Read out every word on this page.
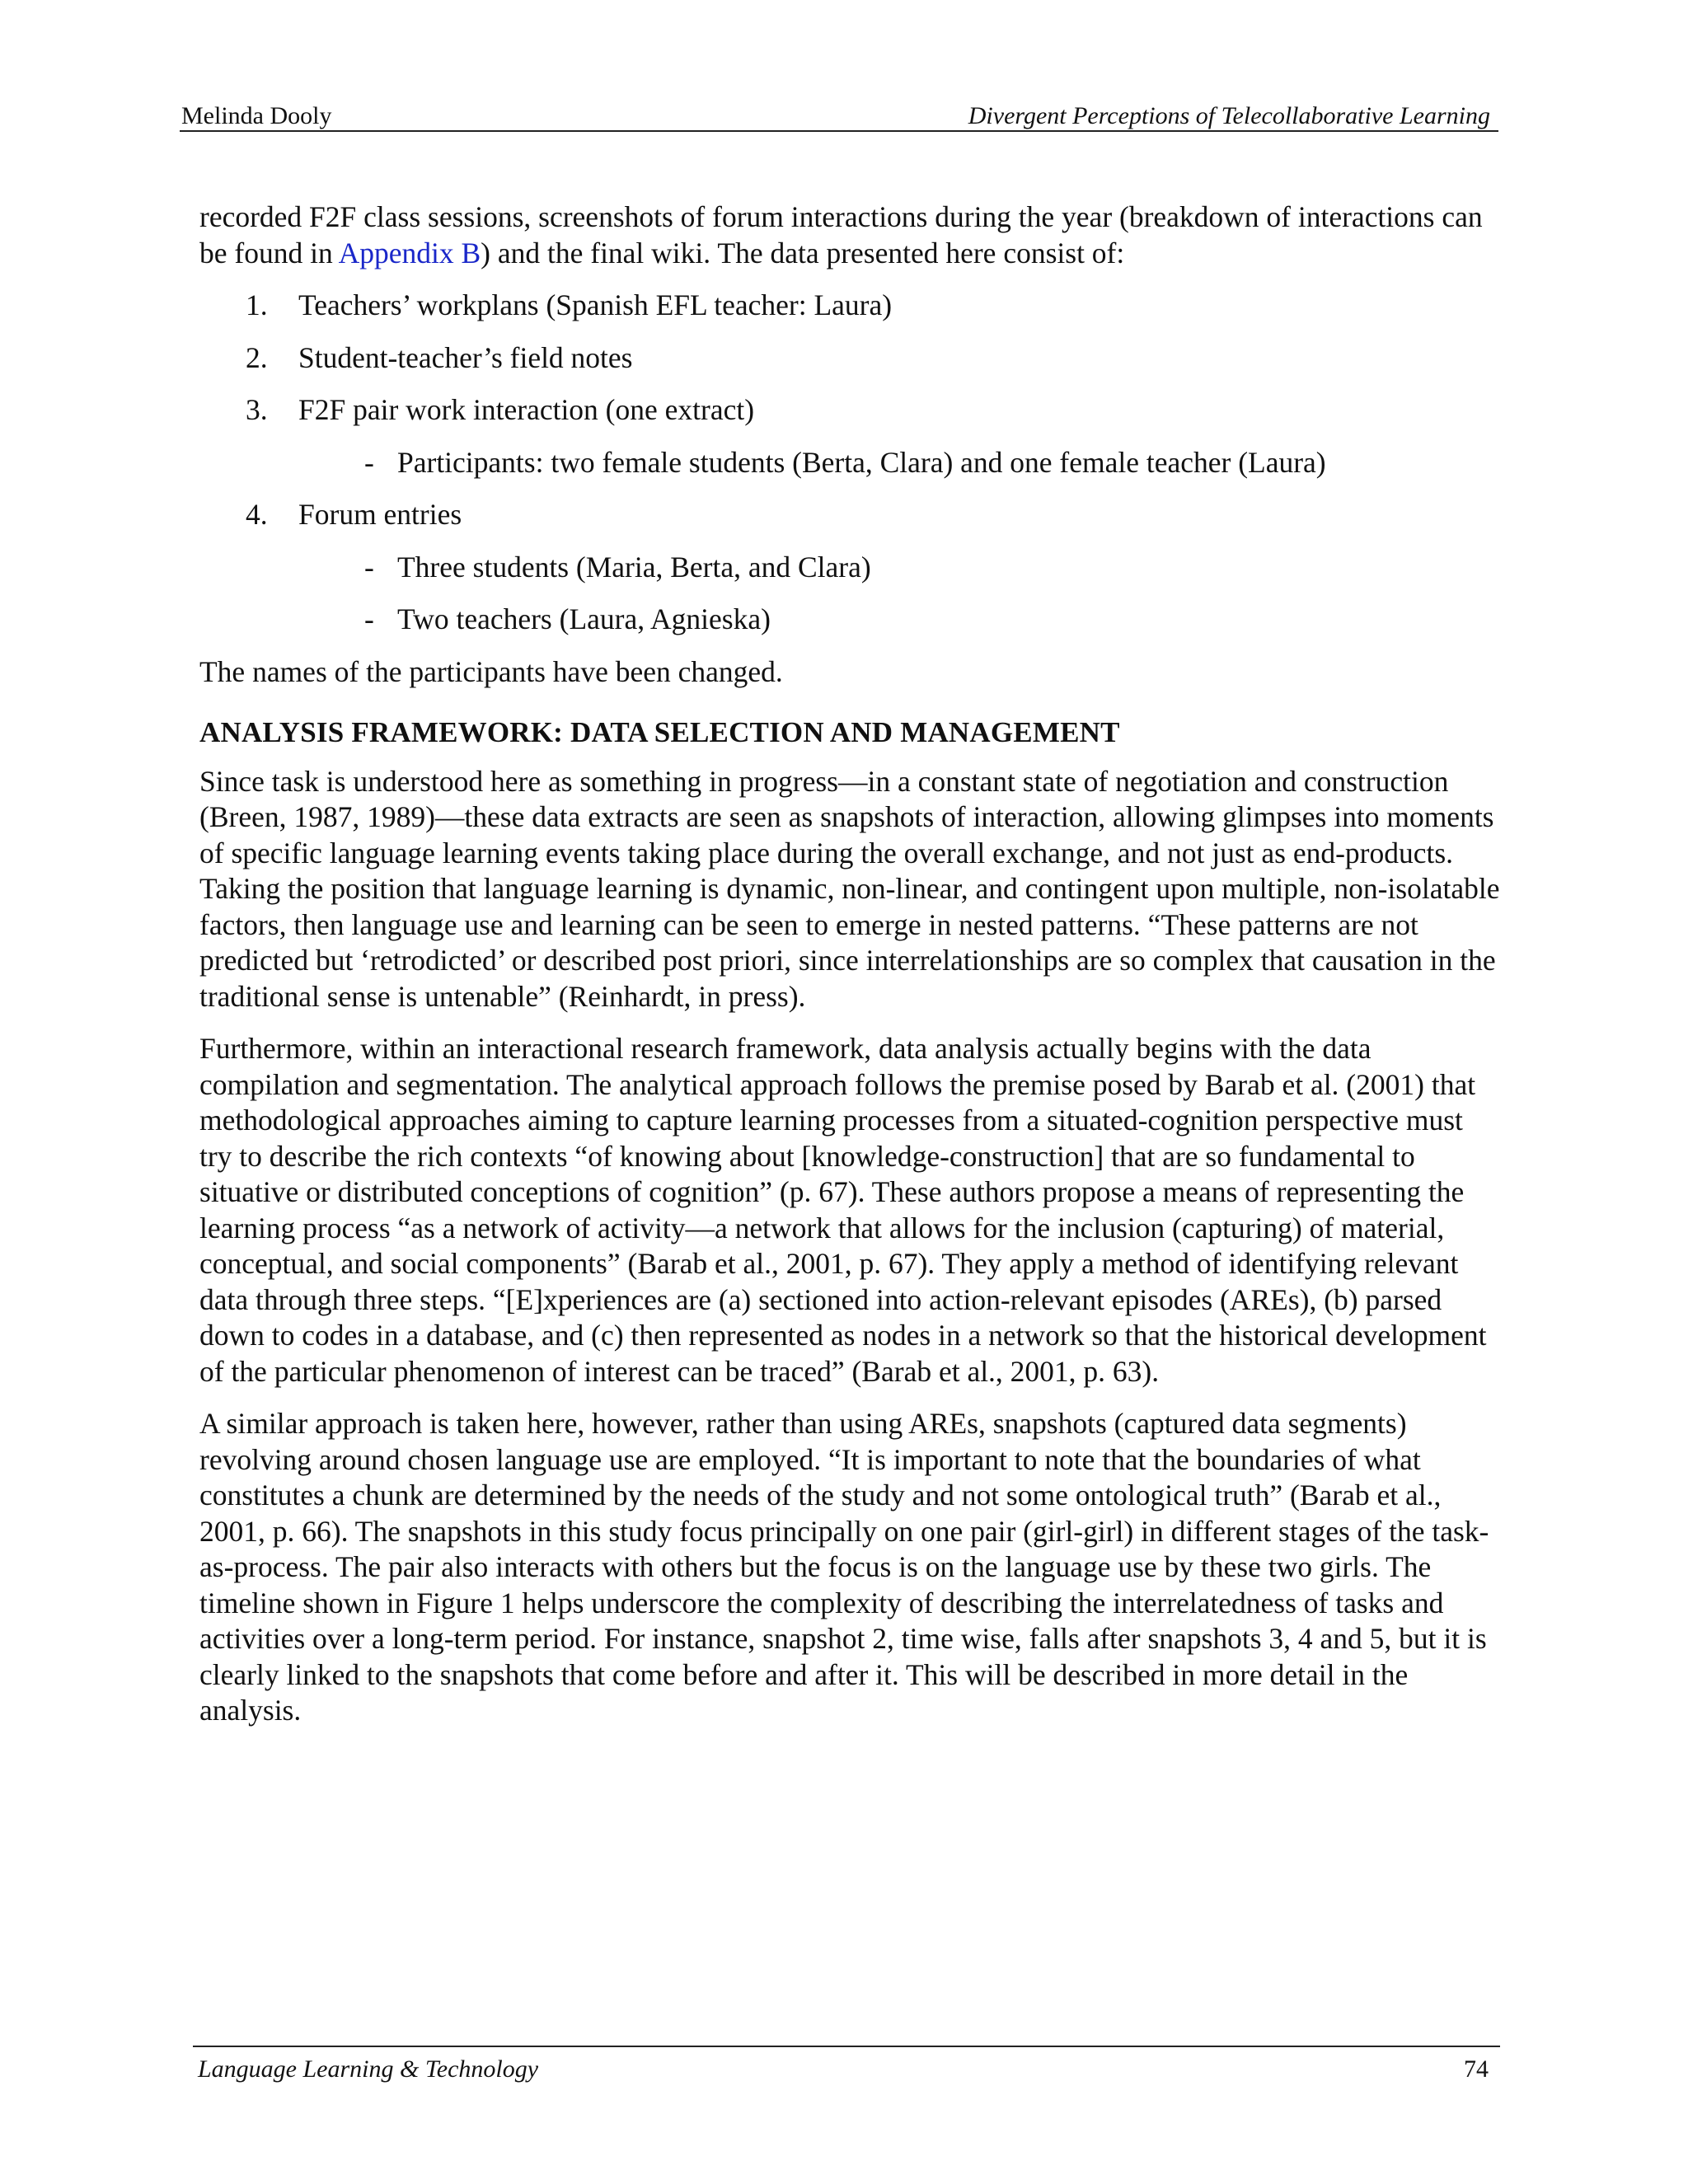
Melinda Dooly	Divergent Perceptions of Telecollaborative Learning

recorded F2F class sessions, screenshots of forum interactions during the year (breakdown of interactions can be found in Appendix B) and the final wiki. The data presented here consist of:

1. Teachers’ workplans (Spanish EFL teacher: Laura)
2. Student-teacher’s field notes
3. F2F pair work interaction (one extract)
- Participants: two female students (Berta, Clara) and one female teacher (Laura)
4. Forum entries
- Three students (Maria, Berta, and Clara)
- Two teachers (Laura, Agnieska)

The names of the participants have been changed.

ANALYSIS FRAMEWORK: DATA SELECTION AND MANAGEMENT

Since task is understood here as something in progress—in a constant state of negotiation and construction (Breen, 1987, 1989)—these data extracts are seen as snapshots of interaction, allowing glimpses into moments of specific language learning events taking place during the overall exchange, and not just as end-products. Taking the position that language learning is dynamic, non-linear, and contingent upon multiple, non-isolatable factors, then language use and learning can be seen to emerge in nested patterns. “These patterns are not predicted but ‘retrodicted’ or described post priori, since interrelationships are so complex that causation in the traditional sense is untenable” (Reinhardt, in press).

Furthermore, within an interactional research framework, data analysis actually begins with the data compilation and segmentation. The analytical approach follows the premise posed by Barab et al. (2001) that methodological approaches aiming to capture learning processes from a situated-cognition perspective must try to describe the rich contexts “of knowing about [knowledge-construction] that are so fundamental to situative or distributed conceptions of cognition” (p. 67). These authors propose a means of representing the learning process “as a network of activity—a network that allows for the inclusion (capturing) of material, conceptual, and social components” (Barab et al., 2001, p. 67). They apply a method of identifying relevant data through three steps. “[E]xperiences are (a) sectioned into action-relevant episodes (AREs), (b) parsed down to codes in a database, and (c) then represented as nodes in a network so that the historical development of the particular phenomenon of interest can be traced” (Barab et al., 2001, p. 63).

A similar approach is taken here, however, rather than using AREs, snapshots (captured data segments) revolving around chosen language use are employed. “It is important to note that the boundaries of what constitutes a chunk are determined by the needs of the study and not some ontological truth” (Barab et al., 2001, p. 66). The snapshots in this study focus principally on one pair (girl-girl) in different stages of the task-as-process. The pair also interacts with others but the focus is on the language use by these two girls. The timeline shown in Figure 1 helps underscore the complexity of describing the interrelatedness of tasks and activities over a long-term period. For instance, snapshot 2, time wise, falls after snapshots 3, 4 and 5, but it is clearly linked to the snapshots that come before and after it. This will be described in more detail in the analysis.

Language Learning & Technology	74
